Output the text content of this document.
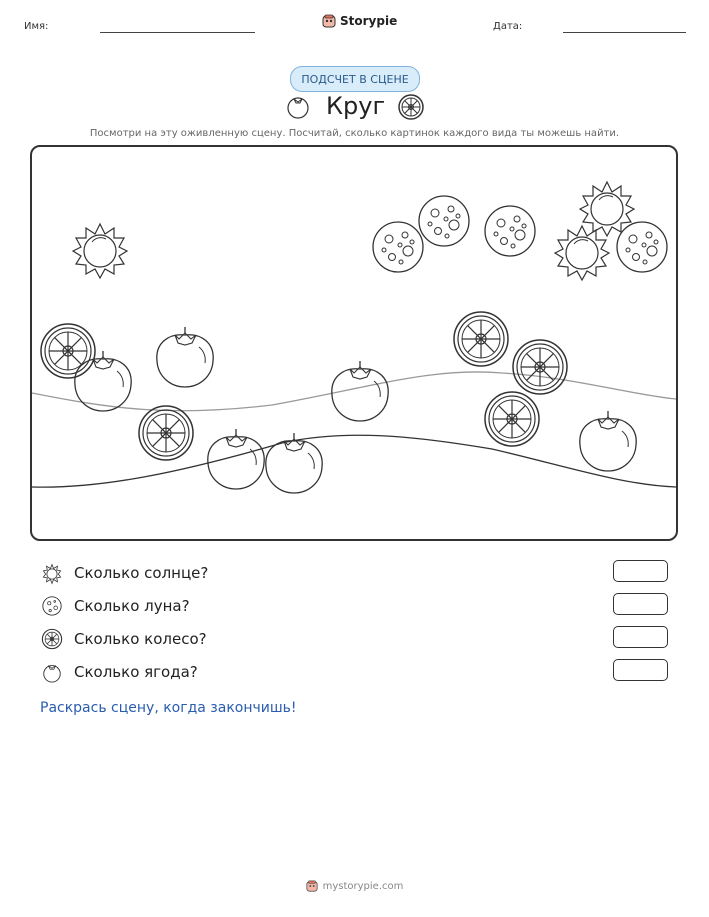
Имя:	Storypie	Дата:
ПОДСЧЕТ В СЦЕНЕ
Круг
Посмотри на эту оживленную сцену. Посчитай, сколько картинок каждого вида ты можешь найти.
Сколько солнце?
Сколько луна?
Сколько колесо?
Сколько ягода?
Раскрась сцену, когда закончишь!
mystorypie.com
